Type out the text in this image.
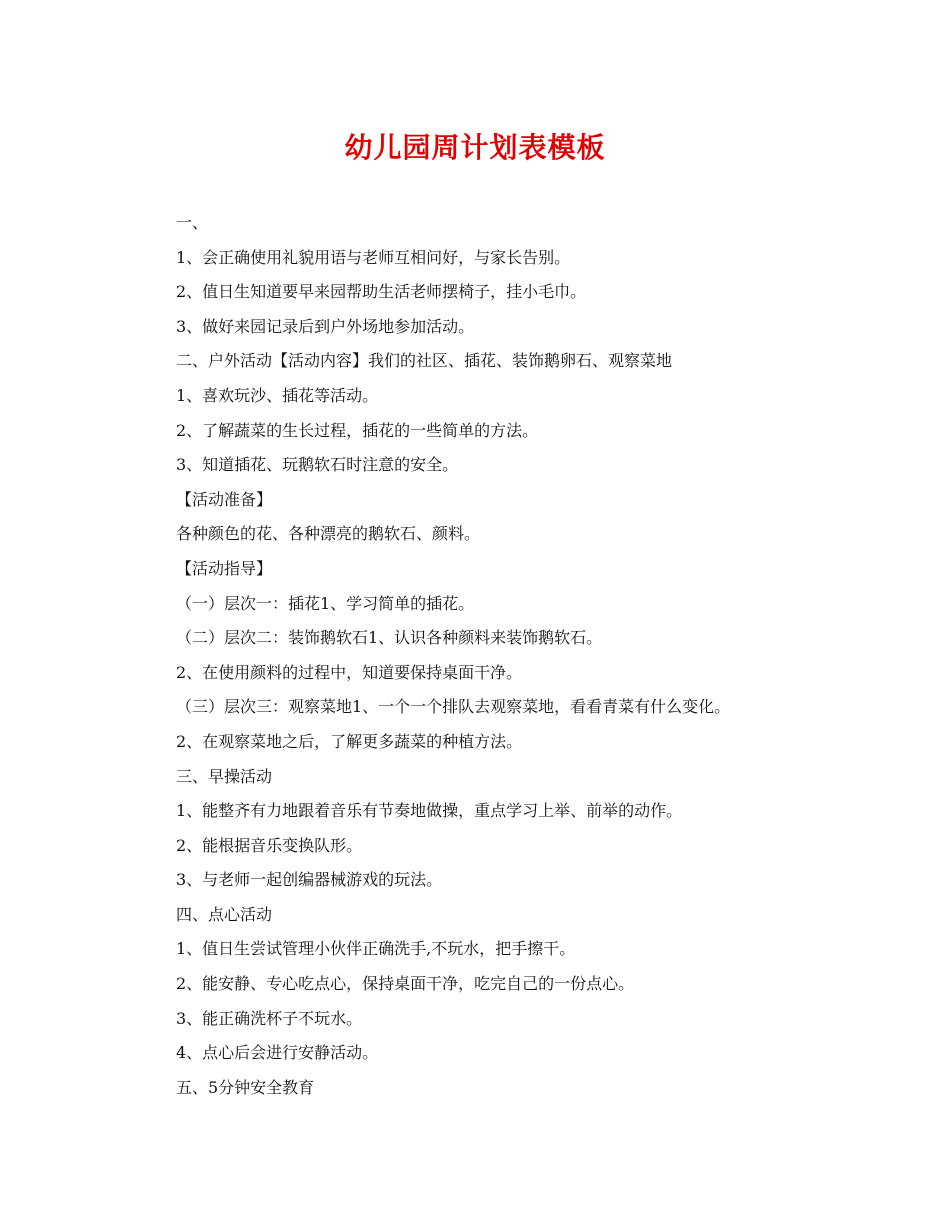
幼儿园周计划表模板
一、
1、会正确使用礼貌用语与老师互相问好，与家长告别。
2、值日生知道要早来园帮助生活老师摆椅子，挂小毛巾。
3、做好来园记录后到户外场地参加活动。
二、户外活动【活动内容】我们的社区、插花、装饰鹅卵石、观察菜地
1、喜欢玩沙、插花等活动。
2、了解蔬菜的生长过程，插花的一些简单的方法。
3、知道插花、玩鹅软石时注意的安全。
【活动准备】
各种颜色的花、各种漂亮的鹅软石、颜料。
【活动指导】
（一）层次一：插花1、学习简单的插花。
（二）层次二：装饰鹅软石1、认识各种颜料来装饰鹅软石。
2、在使用颜料的过程中，知道要保持桌面干净。
（三）层次三：观察菜地1、一个一个排队去观察菜地，看看青菜有什么变化。
2、在观察菜地之后，了解更多蔬菜的种植方法。
三、早操活动
1、能整齐有力地跟着音乐有节奏地做操，重点学习上举、前举的动作。
2、能根据音乐变换队形。
3、与老师一起创编器械游戏的玩法。
四、点心活动
1、值日生尝试管理小伙伴正确洗手,不玩水，把手擦干。
2、能安静、专心吃点心，保持桌面干净，吃完自己的一份点心。
3、能正确洗杯子不玩水。
4、点心后会进行安静活动。
五、5分钟安全教育
